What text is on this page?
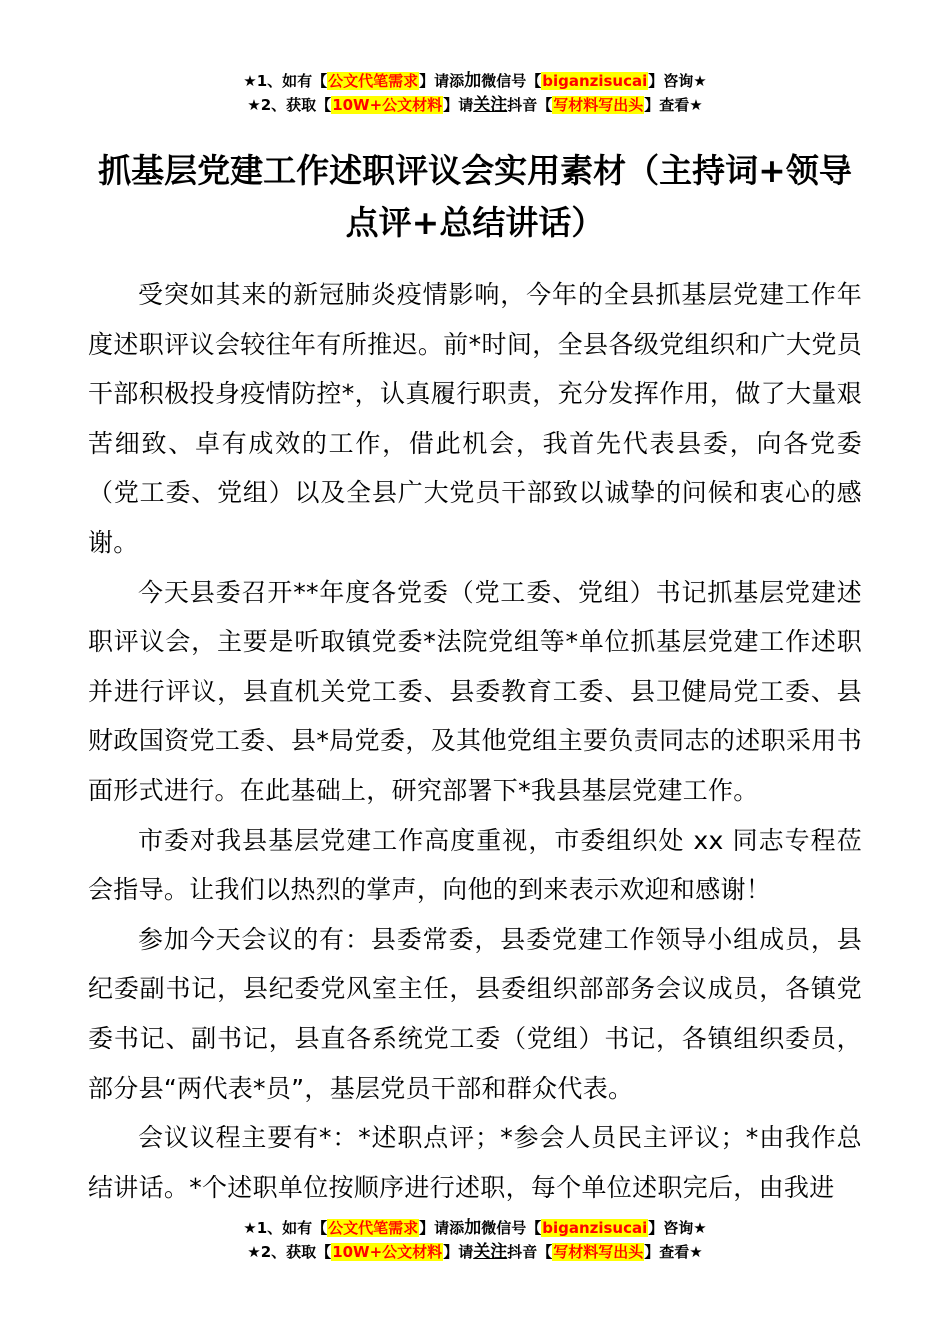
★1、如有【公文代笔需求】请添加微信号【biganzisucai】咨询★
★2、获取【10W+公文材料】请关注抖音【写材料写出头】查看★
抓基层党建工作述职评议会实用素材（主持词+领导点评+总结讲话）

受突如其来的新冠肺炎疫情影响，今年的全县抓基层党建工作年度述职评议会较往年有所推迟。前*时间，全县各级党组织和广大党员干部积极投身疫情防控*，认真履行职责，充分发挥作用，做了大量艰苦细致、卓有成效的工作，借此机会，我首先代表县委，向各党委（党工委、党组）以及全县广大党员干部致以诚挚的问候和衷心的感谢。

今天县委召开**年度各党委（党工委、党组）书记抓基层党建述职评议会，主要是听取镇党委*法院党组等*单位抓基层党建工作述职并进行评议，县直机关党工委、县委教育工委、县卫健局党工委、县财政国资党工委、县*局党委，及其他党组主要负责同志的述职采用书面形式进行。在此基础上，研究部署下*我县基层党建工作。

市委对我县基层党建工作高度重视，市委组织处 xx 同志专程莅会指导。让我们以热烈的掌声，向他的到来表示欢迎和感谢！

参加今天会议的有：县委常委，县委党建工作领导小组成员，县纪委副书记，县纪委党风室主任，县委组织部部务会议成员，各镇党委书记、副书记，县直各系统党工委（党组）书记，各镇组织委员，部分县“两代表*员”，基层党员干部和群众代表。

会议议程主要有*：*述职点评；*参会人员民主评议；*由我作总结讲话。*个述职单位按顺序进行述职，每个单位述职完后，由我进

★1、如有【公文代笔需求】请添加微信号【biganzisucai】咨询★
★2、获取【10W+公文材料】请关注抖音【写材料写出头】查看★
